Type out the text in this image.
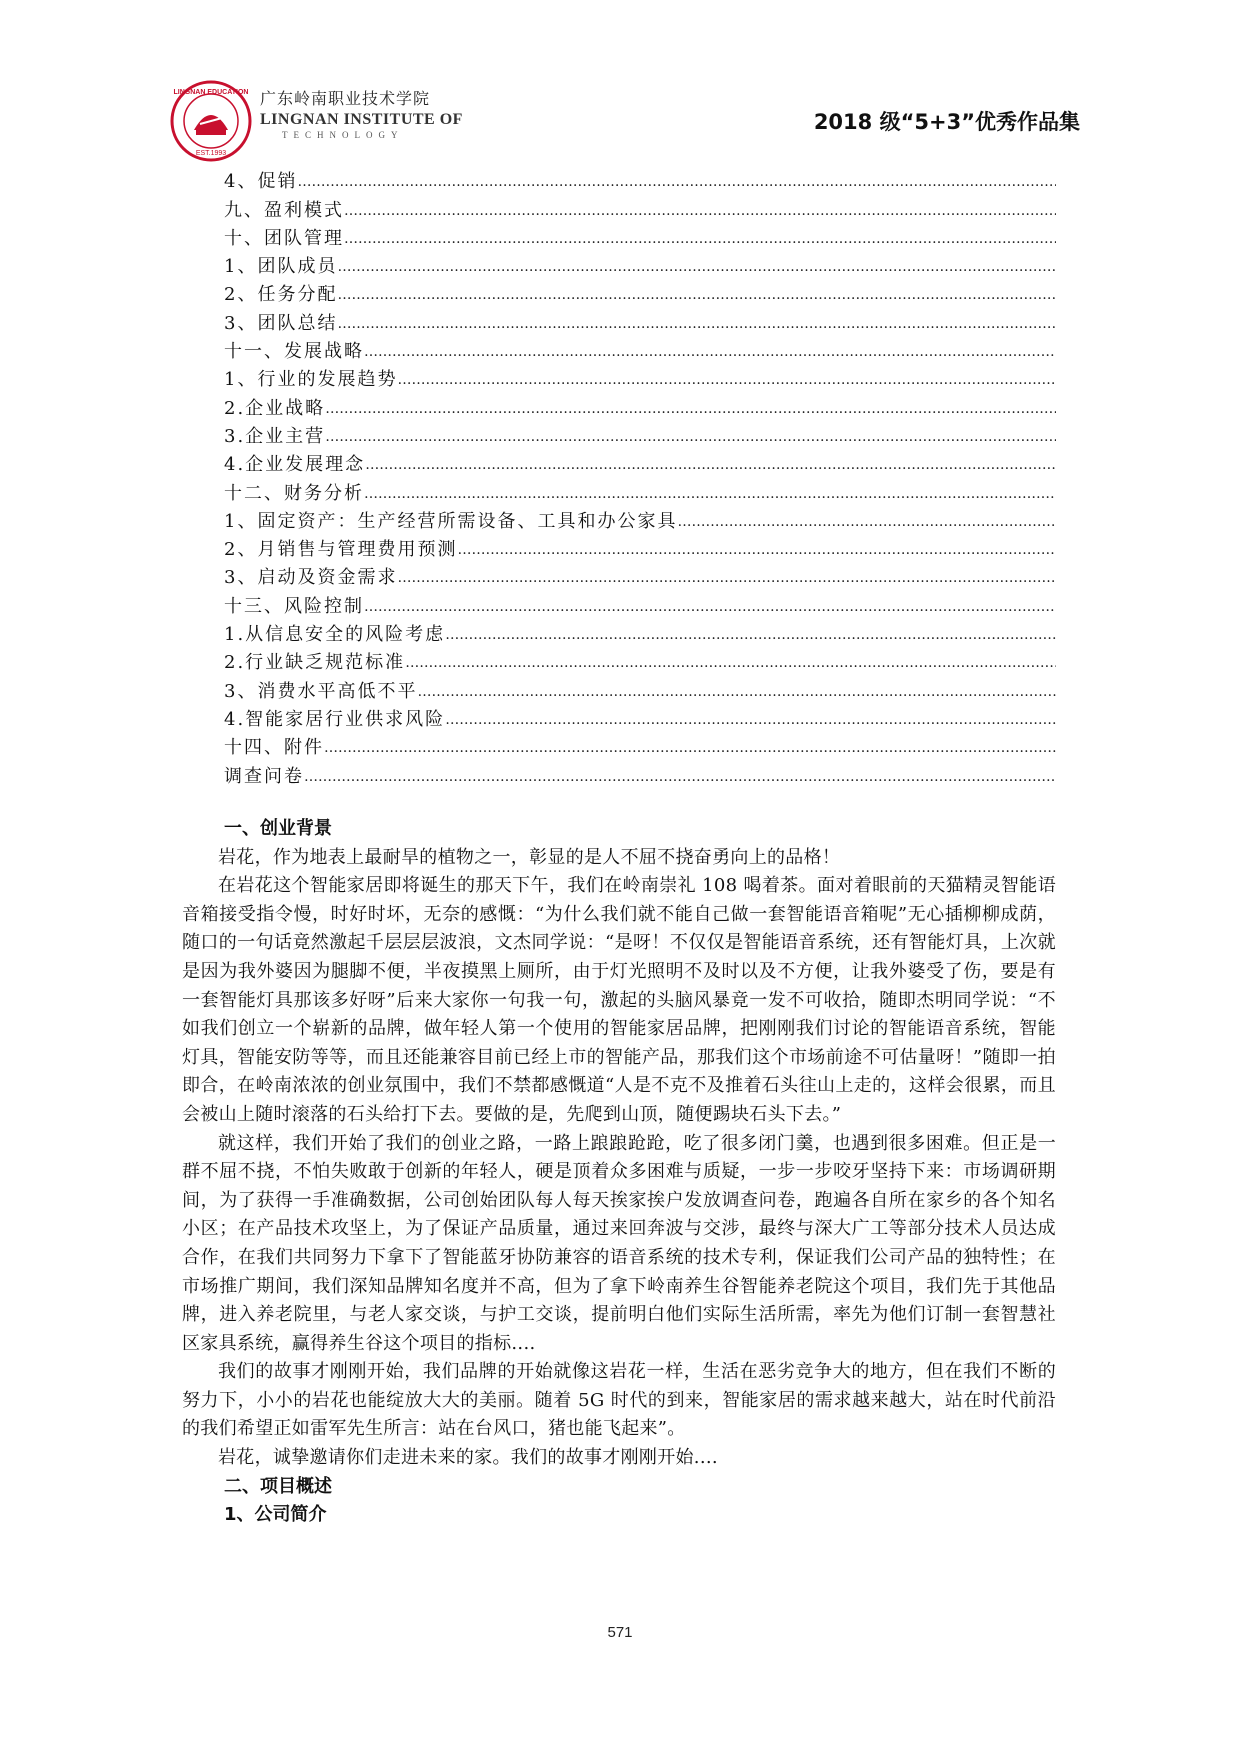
LINGNAN EDUCATION
EST.1993
广东岭南职业技术学院
LINGNAN INSTITUTE OF
TECHNOLOGY
2018 级“5+3”优秀作品集
4、促销
…………………………………………………………………………………………………………………………………………………………………………………………………………
九、盈利模式
…………………………………………………………………………………………………………………………………………………………………………………………………………
十、团队管理
…………………………………………………………………………………………………………………………………………………………………………………………………………
1、团队成员
…………………………………………………………………………………………………………………………………………………………………………………………………………
2、任务分配
…………………………………………………………………………………………………………………………………………………………………………………………………………
3、团队总结
…………………………………………………………………………………………………………………………………………………………………………………………………………
十一、发展战略
…………………………………………………………………………………………………………………………………………………………………………………………………………
1、行业的发展趋势
…………………………………………………………………………………………………………………………………………………………………………………………………………
2.企业战略
…………………………………………………………………………………………………………………………………………………………………………………………………………
3.企业主营
…………………………………………………………………………………………………………………………………………………………………………………………………………
4.企业发展理念
…………………………………………………………………………………………………………………………………………………………………………………………………………
十二、财务分析
…………………………………………………………………………………………………………………………………………………………………………………………………………
1、固定资产：生产经营所需设备、工具和办公家具
…………………………………………………………………………………………………………………………………………………………………………………………………………
2、月销售与管理费用预测
…………………………………………………………………………………………………………………………………………………………………………………………………………
3、启动及资金需求
…………………………………………………………………………………………………………………………………………………………………………………………………………
十三、风险控制
…………………………………………………………………………………………………………………………………………………………………………………………………………
1.从信息安全的风险考虑
…………………………………………………………………………………………………………………………………………………………………………………………………………
2.行业缺乏规范标准
…………………………………………………………………………………………………………………………………………………………………………………………………………
3、消费水平高低不平
…………………………………………………………………………………………………………………………………………………………………………………………………………
4.智能家居行业供求风险
…………………………………………………………………………………………………………………………………………………………………………………………………………
十四、附件
…………………………………………………………………………………………………………………………………………………………………………………………………………
调查问卷
…………………………………………………………………………………………………………………………………………………………………………………………………………
一、创业背景

岩花，作为地表上最耐旱的植物之一，彰显的是人不屈不挠奋勇向上的品格！

在岩花这个智能家居即将诞生的那天下午，我们在岭南崇礼 108 喝着茶。面对着眼前的天猫精灵智能语音箱接受指令慢，时好时坏，无奈的感慨：“为什么我们就不能自己做一套智能语音箱呢”无心插柳柳成荫，随口的一句话竟然激起千层层层波浪，文杰同学说：“是呀！不仅仅是智能语音系统，还有智能灯具，上次就是因为我外婆因为腿脚不便，半夜摸黑上厕所，由于灯光照明不及时以及不方便，让我外婆受了伤，要是有一套智能灯具那该多好呀”后来大家你一句我一句，激起的头脑风暴竟一发不可收拾，随即杰明同学说：“不如我们创立一个崭新的品牌，做年轻人第一个使用的智能家居品牌，把刚刚我们讨论的智能语音系统，智能灯具，智能安防等等，而且还能兼容目前已经上市的智能产品，那我们这个市场前途不可估量呀！”随即一拍即合，在岭南浓浓的创业氛围中，我们不禁都感慨道“人是不克不及推着石头往山上走的，这样会很累，而且会被山上随时滚落的石头给打下去。要做的是，先爬到山顶，随便踢块石头下去。”

就这样，我们开始了我们的创业之路，一路上踉踉跄跄，吃了很多闭门羹，也遇到很多困难。但正是一群不屈不挠，不怕失败敢于创新的年轻人，硬是顶着众多困难与质疑，一步一步咬牙坚持下来：市场调研期间，为了获得一手准确数据，公司创始团队每人每天挨家挨户发放调查问卷，跑遍各自所在家乡的各个知名小区；在产品技术攻坚上，为了保证产品质量，通过来回奔波与交涉，最终与深大广工等部分技术人员达成合作，在我们共同努力下拿下了智能蓝牙协防兼容的语音系统的技术专利，保证我们公司产品的独特性；在市场推广期间，我们深知品牌知名度并不高，但为了拿下岭南养生谷智能养老院这个项目，我们先于其他品牌，进入养老院里，与老人家交谈，与护工交谈，提前明白他们实际生活所需，率先为他们订制一套智慧社区家具系统，赢得养生谷这个项目的指标....

我们的故事才刚刚开始，我们品牌的开始就像这岩花一样，生活在恶劣竞争大的地方，但在我们不断的努力下，小小的岩花也能绽放大大的美丽。随着 5G 时代的到来，智能家居的需求越来越大，站在时代前沿的我们希望正如雷军先生所言：站在台风口，猪也能飞起来”。

岩花，诚挚邀请你们走进未来的家。我们的故事才刚刚开始....

二、项目概述
1、公司简介
571
